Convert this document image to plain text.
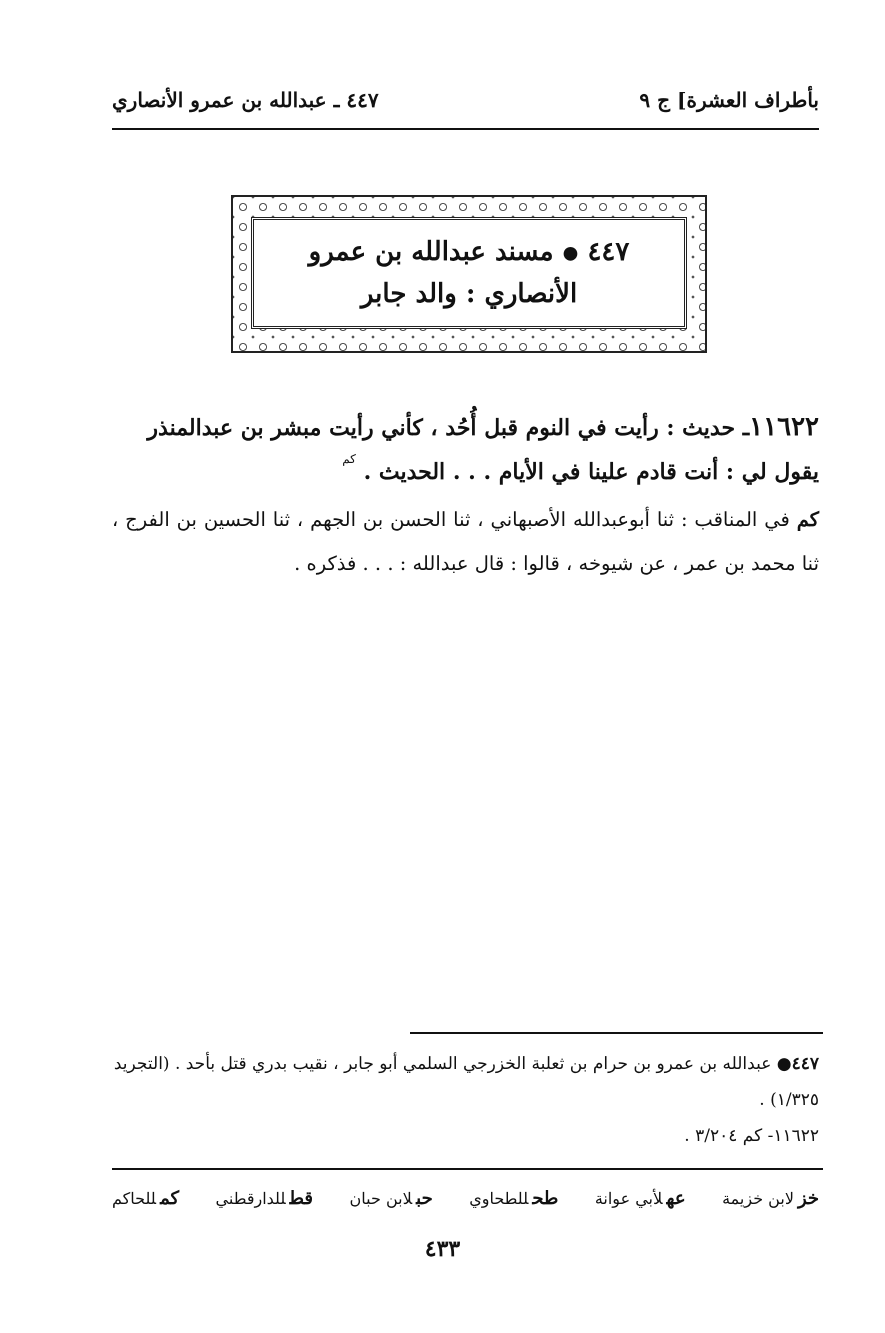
بأطراف العشرة] ج ٩
٤٤٧ ـ عبدالله بن عمرو الأنصاري
٤٤٧ ● مسند عبدالله بن عمرو
الأنصاري : والد جابر
١١٦٢٢ـ حديث : رأيت في النوم قبل أُحُد ، كأني رأيت مبشر بن عبدالمنذر
يقول لي : أنت قادم علينا في الأيام . . . الحديث . $^{كم}$
كم في المناقب : ثنا أبوعبدالله الأصبهاني ، ثنا الحسن بن الجهم ، ثنا الحسين بن الفرج ، ثنا محمد بن عمر ، عن شيوخه ، قالوا : قال عبدالله : . . . فذكره .

٤٤٧● عبدالله بن عمرو بن حرام بن ثعلبة الخزرجي السلمي أبو جابر ، نقيب بدري قتل بأحد . (التجريد ١/٣٢٥) .

١١٦٢٢- كم ٣/٢٠٤ .

خزلابن خزيمة
عهلأبي عوانة
طحللطحاوي
حبلابن حبان
قطللدارقطني
كمللحاكم
٤٣٣
